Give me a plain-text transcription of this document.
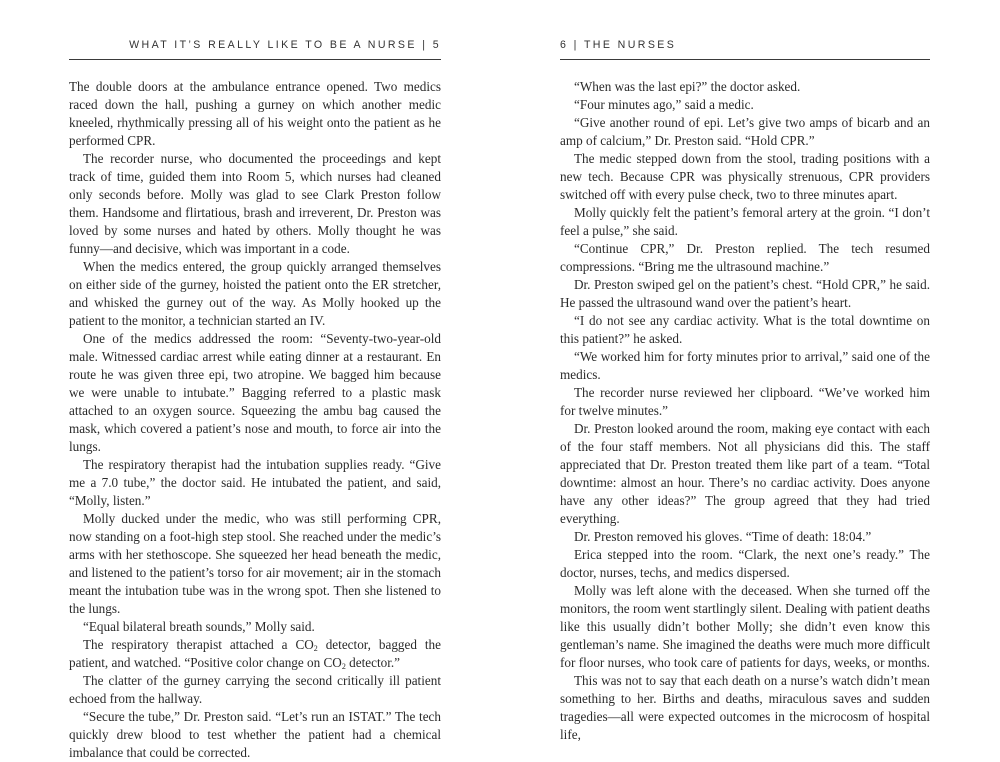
WHAT IT’S REALLY LIKE TO BE A NURSE | 5

The double doors at the ambulance entrance opened. Two medics raced down the hall, pushing a gurney on which another medic kneeled, rhythmically pressing all of his weight onto the patient as he performed CPR.

The recorder nurse, who documented the proceedings and kept track of time, guided them into Room 5, which nurses had cleaned only seconds before. Molly was glad to see Clark Preston follow them. Handsome and flirtatious, brash and irreverent, Dr. Preston was loved by some nurses and hated by others. Molly thought he was funny—and decisive, which was important in a code.

When the medics entered, the group quickly arranged themselves on either side of the gurney, hoisted the patient onto the ER stretcher, and whisked the gurney out of the way. As Molly hooked up the patient to the monitor, a technician started an IV.

One of the medics addressed the room: “Seventy-two-year-old male. Witnessed cardiac arrest while eating dinner at a restaurant. En route he was given three epi, two atropine. We bagged him because we were unable to intubate.” Bagging referred to a plastic mask attached to an oxygen source. Squeezing the ambu bag caused the mask, which covered a patient’s nose and mouth, to force air into the lungs.

The respiratory therapist had the intubation supplies ready. “Give me a 7.0 tube,” the doctor said. He intubated the patient, and said, “Molly, listen.”

Molly ducked under the medic, who was still performing CPR, now standing on a foot-high step stool. She reached under the medic’s arms with her stethoscope. She squeezed her head beneath the medic, and listened to the patient’s torso for air movement; air in the stomach meant the intubation tube was in the wrong spot. Then she listened to the lungs.

“Equal bilateral breath sounds,” Molly said.

The respiratory therapist attached a $CO_2$ detector, bagged the patient, and watched. “Positive color change on $CO_2$ detector.”

The clatter of the gurney carrying the second critically ill patient echoed from the hallway.

“Secure the tube,” Dr. Preston said. “Let’s run an ISTAT.” The tech quickly drew blood to test whether the patient had a chemical imbalance that could be corrected.

6 | THE NURSES

“When was the last epi?” the doctor asked.

“Four minutes ago,” said a medic.

“Give another round of epi. Let’s give two amps of bicarb and an amp of calcium,” Dr. Preston said. “Hold CPR.”

The medic stepped down from the stool, trading positions with a new tech. Because CPR was physically strenuous, CPR providers switched off with every pulse check, two to three minutes apart.

Molly quickly felt the patient’s femoral artery at the groin. “I don’t feel a pulse,” she said.

“Continue CPR,” Dr. Preston replied. The tech resumed compressions. “Bring me the ultrasound machine.”

Dr. Preston swiped gel on the patient’s chest. “Hold CPR,” he said. He passed the ultrasound wand over the patient’s heart.

“I do not see any cardiac activity. What is the total downtime on this patient?” he asked.

“We worked him for forty minutes prior to arrival,” said one of the medics.

The recorder nurse reviewed her clipboard. “We’ve worked him for twelve minutes.”

Dr. Preston looked around the room, making eye contact with each of the four staff members. Not all physicians did this. The staff appreciated that Dr. Preston treated them like part of a team. “Total downtime: almost an hour. There’s no cardiac activity. Does anyone have any other ideas?” The group agreed that they had tried everything.

Dr. Preston removed his gloves. “Time of death: 18:04.”

Erica stepped into the room. “Clark, the next one’s ready.” The doctor, nurses, techs, and medics dispersed.

Molly was left alone with the deceased. When she turned off the monitors, the room went startlingly silent. Dealing with patient deaths like this usually didn’t bother Molly; she didn’t even know this gentleman’s name. She imagined the deaths were much more difficult for floor nurses, who took care of patients for days, weeks, or months.

This was not to say that each death on a nurse’s watch didn’t mean something to her. Births and deaths, miraculous saves and sudden tragedies—all were expected outcomes in the microcosm of hospital life,
